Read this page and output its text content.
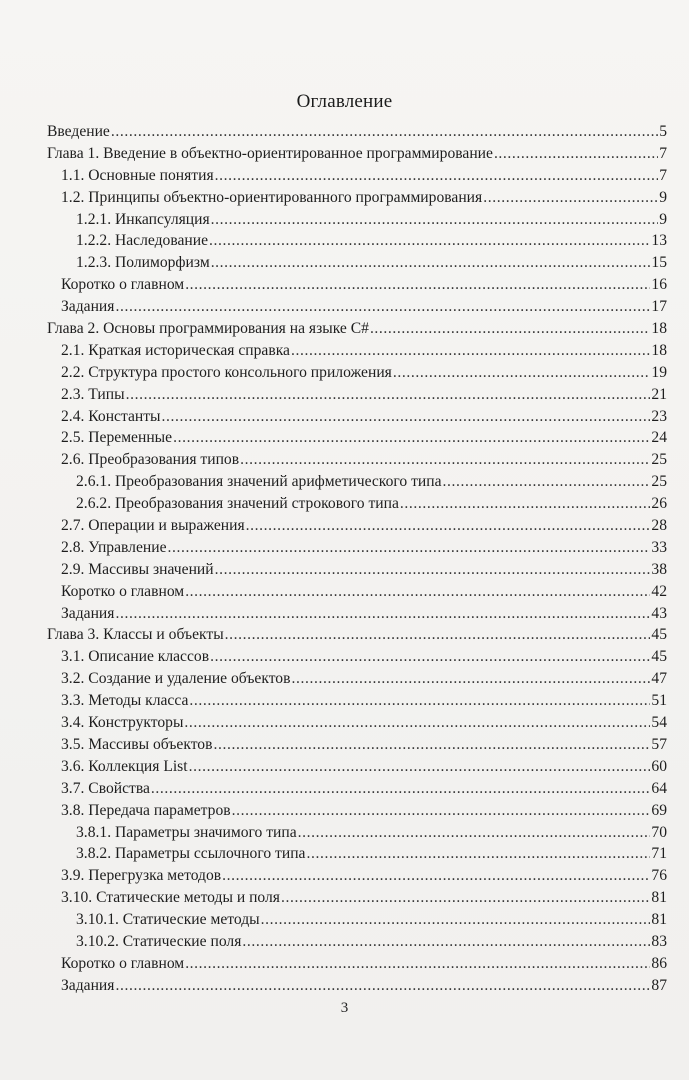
Оглавление
Введение .....	5
Глава 1. Введение в объектно-ориентированное программирование .....	7
1.1. Основные понятия .....	7
1.2. Принципы объектно-ориентированного программирования .....	9
1.2.1. Инкапсуляция .....	9
1.2.2. Наследование .....	13
1.2.3. Полиморфизм .....	15
Коротко о главном .....	16
Задания .....	17
Глава 2. Основы программирования на языке C# .....	18
2.1. Краткая историческая справка .....	18
2.2. Структура простого консольного приложения .....	19
2.3. Типы .....	21
2.4. Константы .....	23
2.5. Переменные .....	24
2.6. Преобразования типов .....	25
2.6.1. Преобразования значений арифметического типа .....	25
2.6.2. Преобразования значений строкового типа .....	26
2.7. Операции и выражения .....	28
2.8. Управление .....	33
2.9. Массивы значений .....	38
Коротко о главном .....	42
Задания .....	43
Глава 3. Классы и объекты .....	45
3.1. Описание классов .....	45
3.2. Создание и удаление объектов .....	47
3.3. Методы класса .....	51
3.4. Конструкторы .....	54
3.5. Массивы объектов .....	57
3.6. Коллекция List .....	60
3.7. Свойства .....	64
3.8. Передача параметров .....	69
3.8.1. Параметры значимого типа .....	70
3.8.2. Параметры ссылочного типа .....	71
3.9. Перегрузка методов .....	76
3.10. Статические методы и поля .....	81
3.10.1. Статические методы .....	81
3.10.2. Статические поля .....	83
Коротко о главном .....	86
Задания .....	87
3
